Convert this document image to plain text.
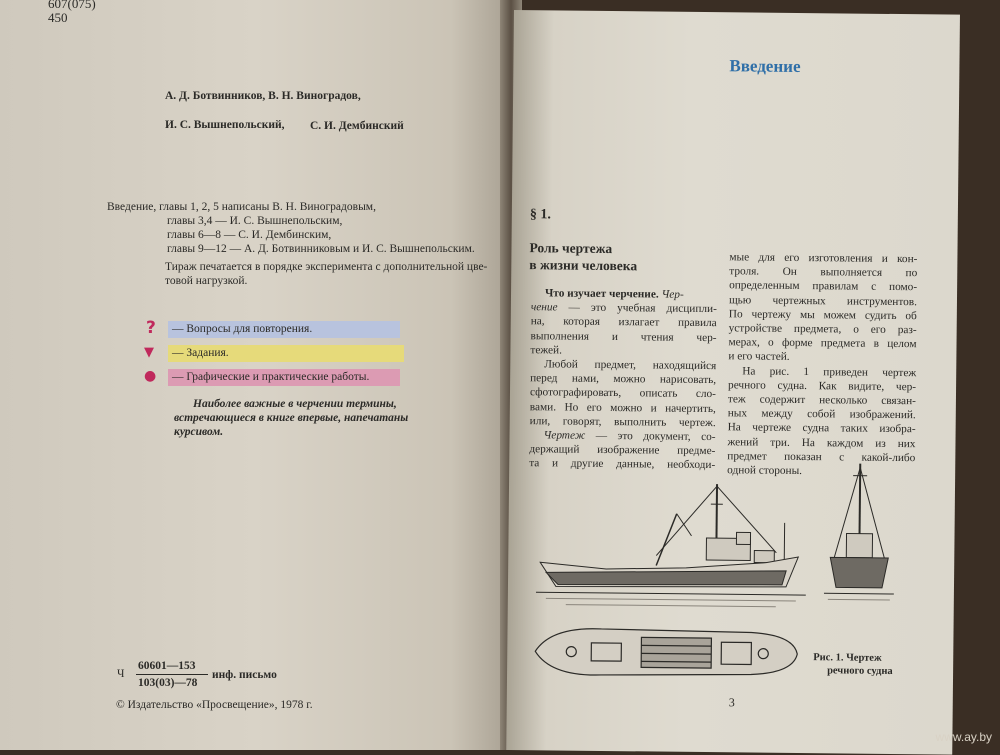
607(075)
450
А. Д. Ботвинников, В. Н. Виноградов,
И. С. Вышнепольский, С. И. Дембинский
Введение, главы 1, 2, 5 написаны В. Н. Виноградовым,
главы 3,4 — И. С. Вышнепольским,
главы 6—8 — С. И. Дембинским,
главы 9—12 — А. Д. Ботвинниковым и И. С. Вышнепольским.
Тираж печатается в порядке эксперимента с дополнительной цве-
товой нагрузкой.
? — Вопросы для повторения.
▼ — Задания.
● — Графические и практические работы.
Наиболее важные в черчении термины,
встречающиеся в книге впервые, напечатаны
курсивом.
Ч
60601—153
103(03)—78
инф. письмо
© Издательство «Просвещение», 1978 г.
Введение
§ 1.
Роль чертежа
в жизни человека

Что изучает черчение. Чер-

чение — это учебная дисципли-

на, которая излагает правила

выполнения и чтения чер-

тежей.

Любой предмет, находящийся

перед нами, можно нарисовать,

сфотографировать, описать сло-

вами. Но его можно и начертить,

или, говорят, выполнить чертеж.

Чертеж — это документ, со-

держащий изображение предме-

та и другие данные, необходи-

мые для его изготовления и кон-

троля. Он выполняется по

определенным правилам с помо-

щью чертежных инструментов.

По чертежу мы можем судить об

устройстве предмета, о его раз-

мерах, о форме предмета в целом

и его частей.

На рис. 1 приведен чертеж

речного судна. Как видите, чер-

теж содержит несколько связан-

ных между собой изображений.

На чертеже судна таких изобра-

жений три. На каждом из них

предмет показан с какой-либо

одной стороны.

Рис. 1. Чертеж
речного судна
3
www.ay.by
